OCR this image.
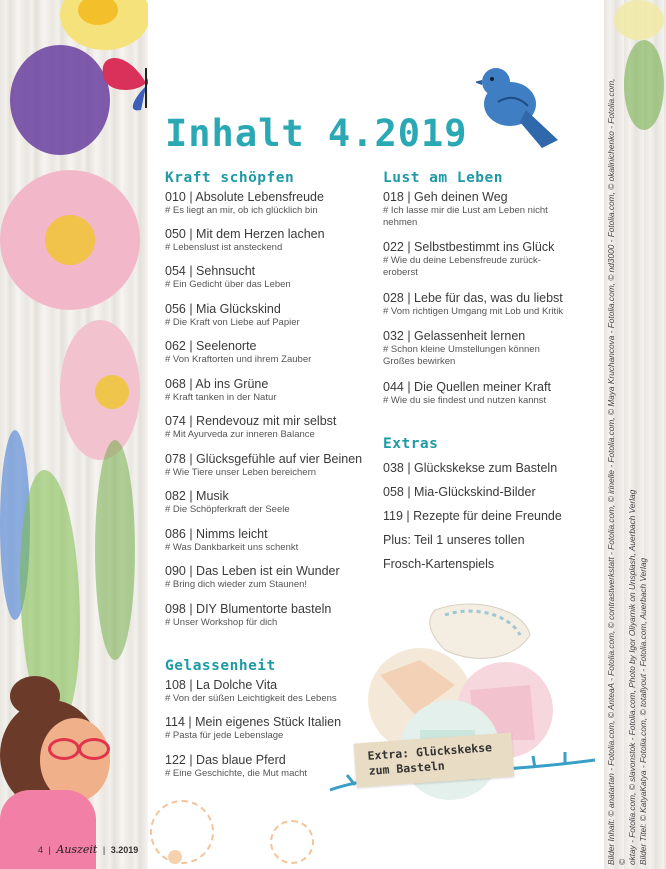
Inhalt 4.2019
Kraft schöpfen
010 | Absolute Lebensfreude
# Es liegt an mir, ob ich glücklich bin
050 | Mit dem Herzen lachen
# Lebenslust ist ansteckend
054 | Sehnsucht
# Ein Gedicht über das Leben
056 | Mia Glückskind
# Die Kraft von Liebe auf Papier
062 | Seelenorte
# Von Kraftorten und ihrem Zauber
068 | Ab ins Grüne
# Kraft tanken in der Natur
074 | Rendevouz mit mir selbst
# Mit Ayurveda zur inneren Balance
078 | Glücksgefühle auf vier Beinen
# Wie Tiere unser Leben bereichern
082 | Musik
# Die Schöpferkraft der Seele
086 | Nimms leicht
# Was Dankbarkeit uns schenkt
090 | Das Leben ist ein Wunder
# Bring dich wieder zum Staunen!
098 | DIY Blumentorte basteln
# Unser Workshop für dich
Gelassenheit
108 | La Dolche Vita
# Von der süßen Leichtigkeit des Lebens
114 | Mein eigenes Stück Italien
# Pasta für jede Lebenslage
122 | Das blaue Pferd
# Eine Geschichte, die Mut macht
Lust am Leben
018 | Geh deinen Weg
# Ich lasse mir die Lust am Leben nicht
nehmen
022 | Selbstbestimmt ins Glück
# Wie du deine Lebensfreude zurück-
eroberst
028 | Lebe für das, was du liebst
# Vom richtigen Umgang mit Lob und Kritik
032 | Gelassenheit lernen
# Schon kleine Umstellungen können
Großes bewirken
044 | Die Quellen meiner Kraft
# Wie du sie findest und nutzen kannst
Extras
038 | Glückskekse zum Basteln
058 | Mia-Glückskind-Bilder
119 | Rezepte für deine Freunde
Plus: Teil 1 unseres tollen
Frosch-Kartenspiels
Extra: Glückskekse
zum Basteln
4 | Auszeit | 3.2019	Bilder Inhalt: © anatartan - Fotolia.com, © AnteaA - Fotolia.com, © contrastwerkstatt - Fotolia.com, © irinelle - Fotolia.com, © Maya Kruchancova - Fotolia.com, © nd3000 - Fotolia.com, © okalinichenko - Fotolia.com, © oktay - Fotolia.com, © slavonstok - Fotolia.com, Photo by Igor Oliyarnik on Unsplash, Auerbach Verlag Bilder Titel: © KatyaKatya - Fotolia.com, © totallyout - Fotolia.com, Auerbach Verlag
